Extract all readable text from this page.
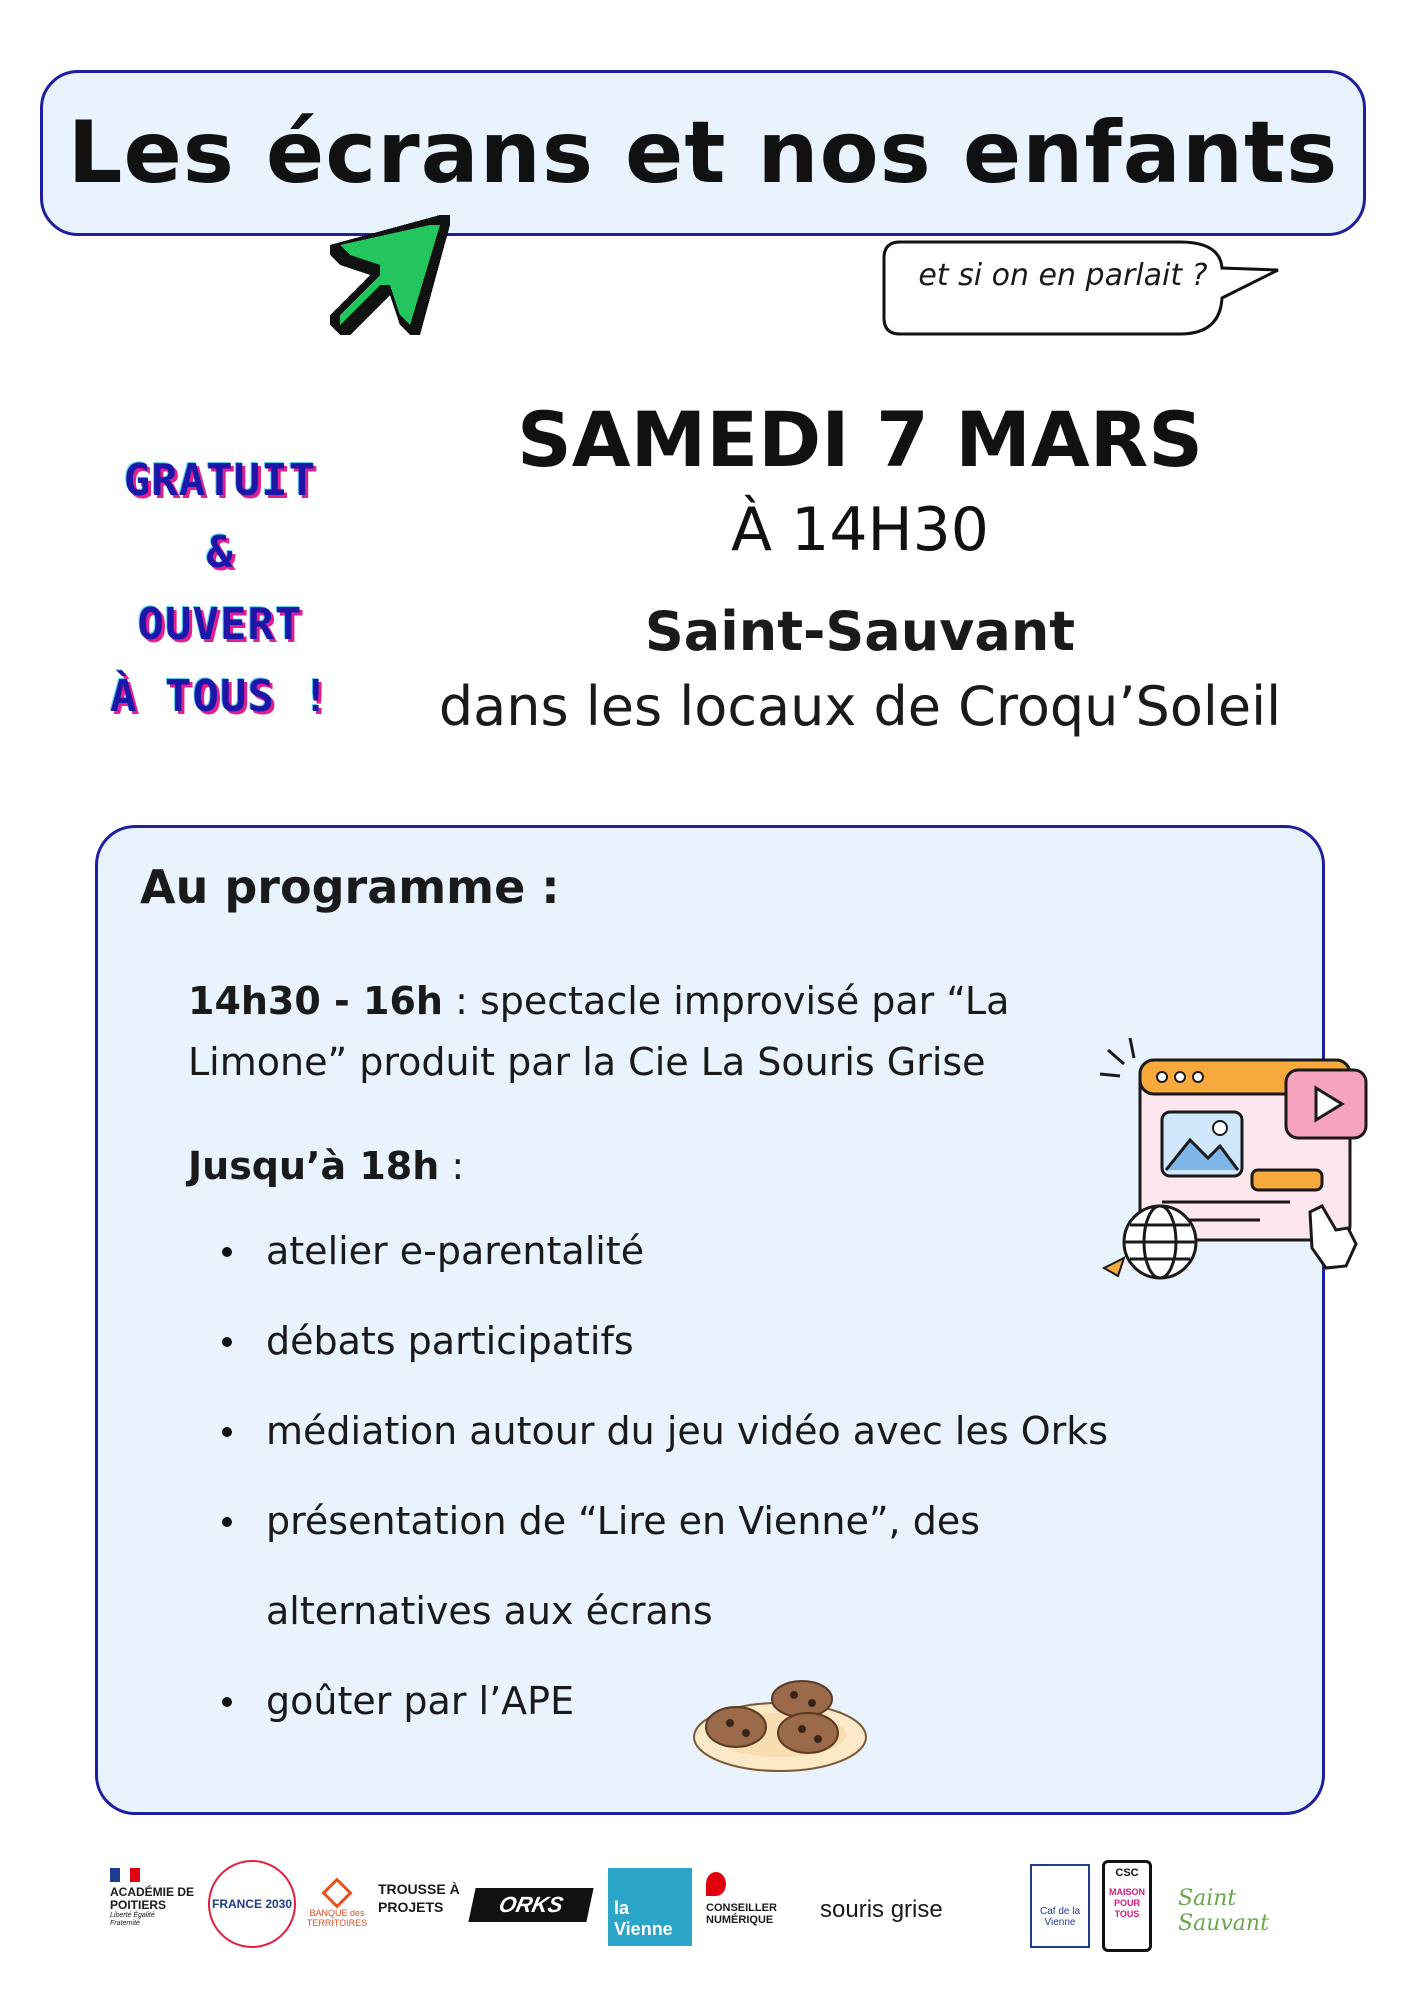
Les écrans et nos enfants
et si on en parlait ?
GRATUIT
&
OUVERT
À TOUS !
SAMEDI 7 MARS
À 14H30
Saint-Sauvant
dans les locaux de Croqu’Soleil
Au programme :
14h30 - 16h : spectacle improvisé par “La
Limone” produit par la Cie La Souris Grise
Jusqu’à 18h :
atelier e-parentalité
débats participatifs
médiation autour du jeu vidéo avec les Orks
présentation de “Lire en Vienne”, des
alternatives aux écrans
goûter par l’APE
ACADÉMIE DE POITIERS
Liberté Égalité Fraternité
FRANCE 2030
BANQUE des TERRITOIRES
TROUSSE À PROJETS	ORKS	la Vienne
CONSEILLER NUMÉRIQUE	souris grise	Caf de la Vienne
CSC
MAISON POUR TOUS
Saint Sauvant
